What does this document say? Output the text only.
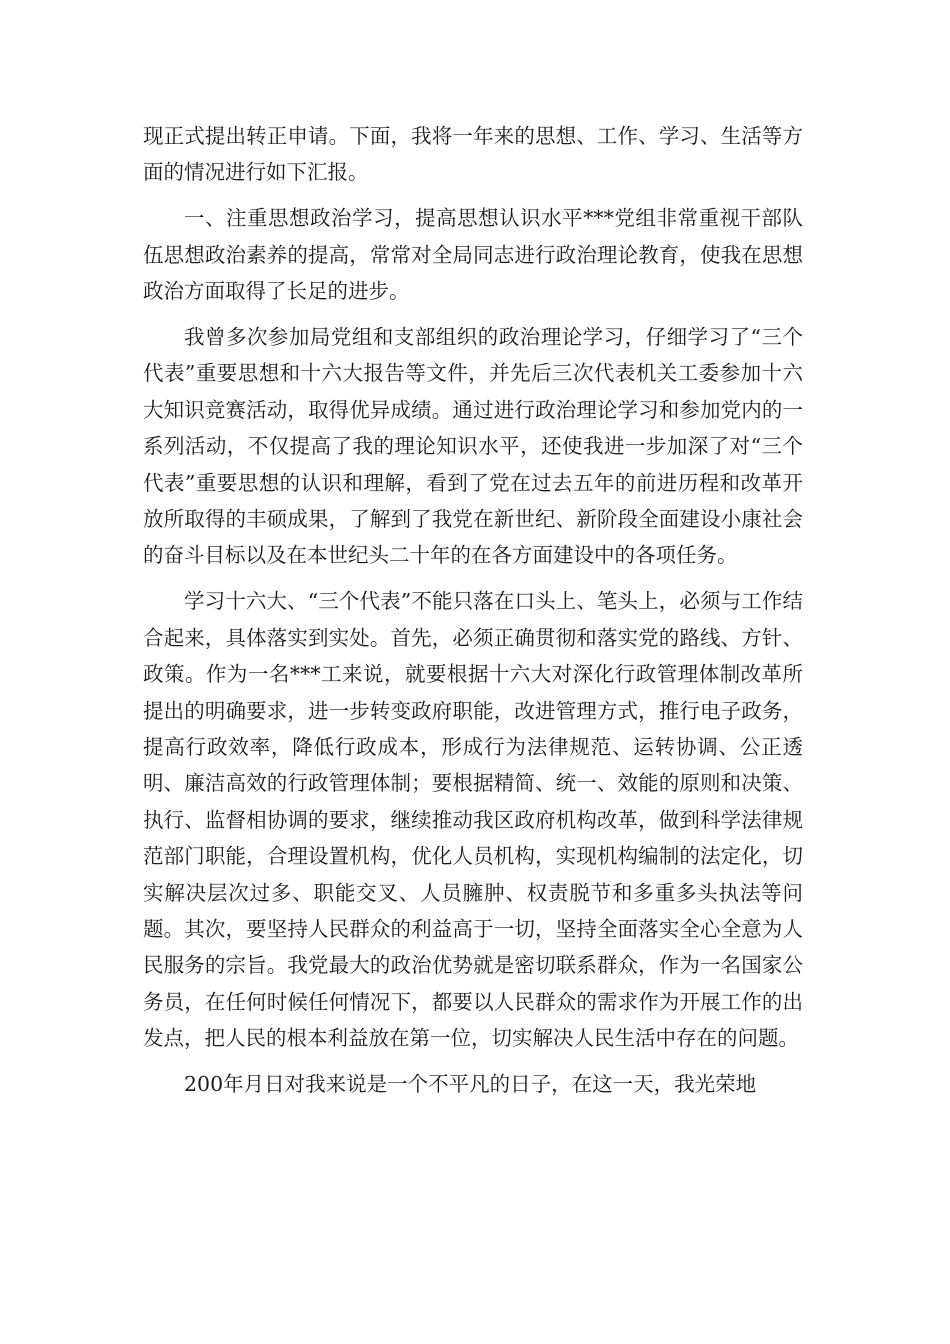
现正式提出转正申请。下面，我将一年来的思想、工作、学习、生活等方面的情况进行如下汇报。

一、注重思想政治学习，提高思想认识水平***党组非常重视干部队伍思想政治素养的提高，常常对全局同志进行政治理论教育，使我在思想政治方面取得了长足的进步。

我曾多次参加局党组和支部组织的政治理论学习，仔细学习了“三个代表”重要思想和十六大报告等文件，并先后三次代表机关工委参加十六大知识竞赛活动，取得优异成绩。通过进行政治理论学习和参加党内的一系列活动，不仅提高了我的理论知识水平，还使我进一步加深了对“三个代表”重要思想的认识和理解，看到了党在过去五年的前进历程和改革开放所取得的丰硕成果，了解到了我党在新世纪、新阶段全面建设小康社会的奋斗目标以及在本世纪头二十年的在各方面建设中的各项任务。

学习十六大、“三个代表”不能只落在口头上、笔头上，必须与工作结合起来，具体落实到实处。首先，必须正确贯彻和落实党的路线、方针、政策。作为一名***工来说，就要根据十六大对深化行政管理体制改革所提出的明确要求，进一步转变政府职能，改进管理方式，推行电子政务，提高行政效率，降低行政成本，形成行为法律规范、运转协调、公正透明、廉洁高效的行政管理体制；要根据精简、统一、效能的原则和决策、执行、监督相协调的要求，继续推动我区政府机构改革，做到科学法律规范部门职能，合理设置机构，优化人员机构，实现机构编制的法定化，切实解决层次过多、职能交叉、人员臃肿、权责脱节和多重多头执法等问题。其次，要坚持人民群众的利益高于一切，坚持全面落实全心全意为人民服务的宗旨。我党最大的政治优势就是密切联系群众，作为一名国家公务员，在任何时候任何情况下，都要以人民群众的需求作为开展工作的出发点，把人民的根本利益放在第一位，切实解决人民生活中存在的问题。

200年月日对我来说是一个不平凡的日子，在这一天，我光荣地
